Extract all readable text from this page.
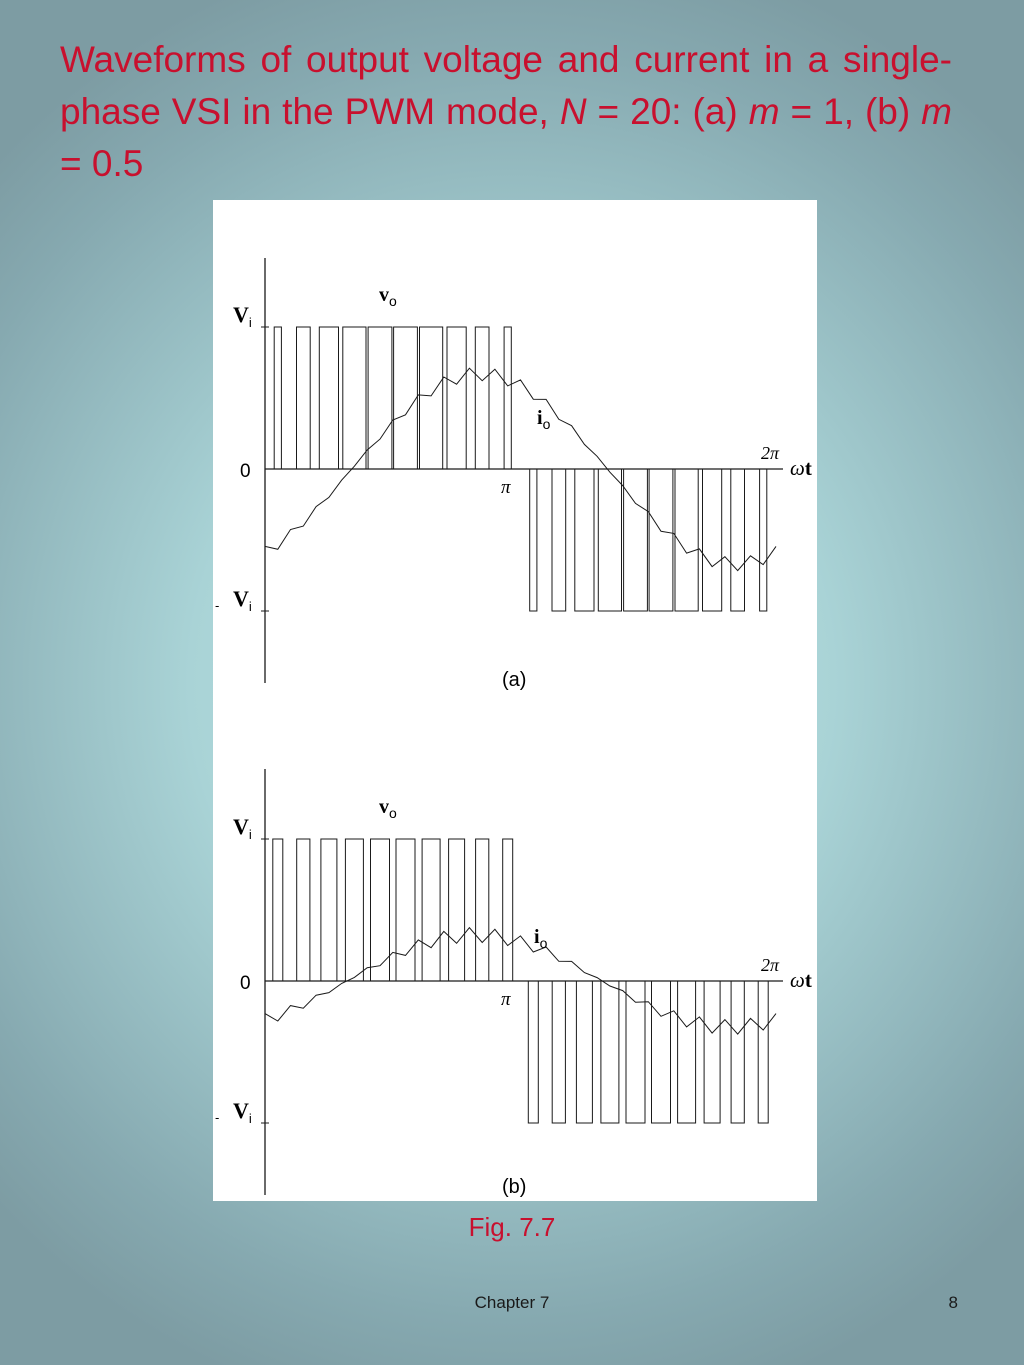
Waveforms of output voltage and current in a single-phase VSI in the PWM mode, N = 20: (a) m = 1, (b) m = 0.5
$v_o$
$i_o$
$V_i$
- $V_i$
0
π
2π
ωt
(a)
$v_o$
$i_o$
$V_i$
- $V_i$
0
π
2π
ωt
(b)
Fig. 7.7
Chapter 7	8
